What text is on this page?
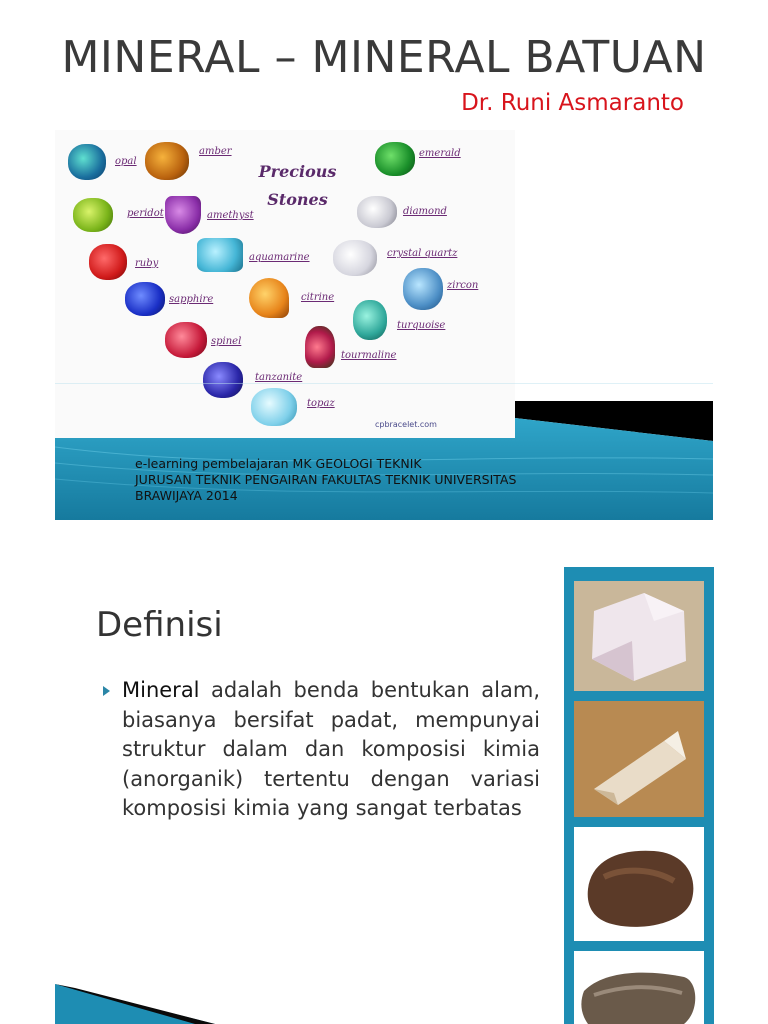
MINERAL – MINERAL BATUAN
Dr. Runi Asmaranto
Precious
Stones
opal
amber	emerald
peridot	amethyst	diamond
ruby
aquamarine	crystal quartz
zircon
sapphire	citrine
turquoise
spinel
tourmaline
tanzanite
topaz
cpbracelet.com
e-learning pembelajaran MK GEOLOGI TEKNIK
JURUSAN TEKNIK PENGAIRAN FAKULTAS TEKNIK UNIVERSITAS
BRAWIJAYA 2014
Definisi
Mineral adalah benda bentukan alam, biasanya bersifat padat, mempunyai struktur dalam dan komposisi kimia (anorganik) tertentu dengan variasi komposisi kimia yang sangat terbatas
